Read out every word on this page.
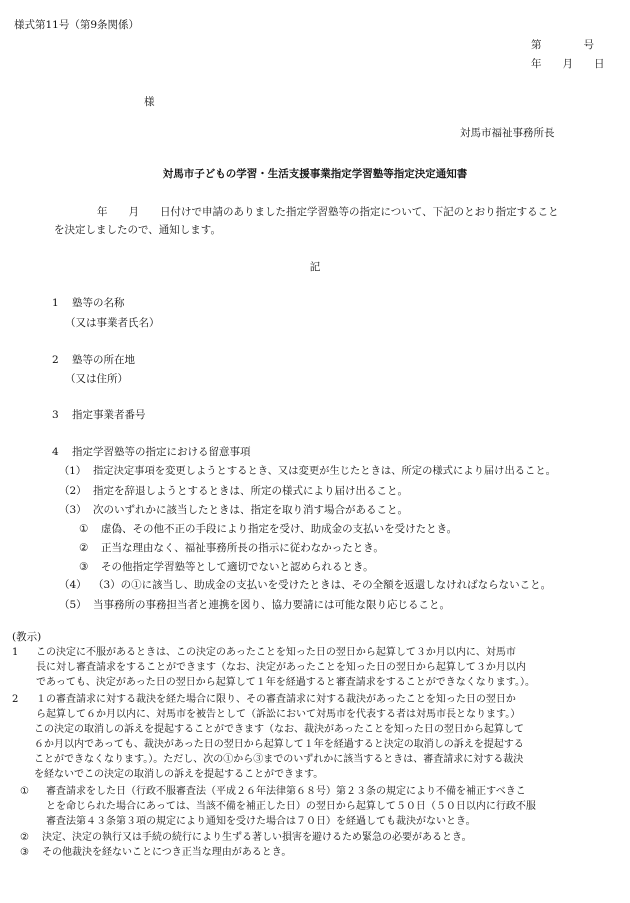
様式第11号（第9条関係）
第　　　　号
年　　月　　日
様
対馬市福祉事務所長
対馬市子どもの学習・生活支援事業指定学習塾等指定決定通知書
年　　月　　日付けで申請のありました指定学習塾等の指定について、下記のとおり指定すること
を決定しましたので、通知します。
記
1 塾等の名称
（又は事業者氏名）
2 塾等の所在地
（又は住所）
3 指定事業者番号
4 指定学習塾等の指定における留意事項
（1） 指定決定事項を変更しようとするとき、又は変更が生じたときは、所定の様式により届け出ること。
（2） 指定を辞退しようとするときは、所定の様式により届け出ること。
（3） 次のいずれかに該当したときは、指定を取り消す場合があること。
① 虚偽、その他不正の手段により指定を受け、助成金の支払いを受けたとき。
② 正当な理由なく、福祉事務所長の指示に従わなかったとき。
③ その他指定学習塾等として適切でないと認められるとき。
（4） （3）の①に該当し、助成金の支払いを受けたときは、その全額を返還しなければならないこと。
（5） 当事務所の事務担当者と連携を図り、協力要請には可能な限り応じること。
(教示)
1	この決定に不服があるときは、この決定のあったことを知った日の翌日から起算して３か月以内に、対馬市
長に対し審査請求をすることができます（なお、決定があったことを知った日の翌日から起算して３か月以内
であっても、決定があった日の翌日から起算して１年を経過すると審査請求をすることができなくなります。）。
2	１の審査請求に対する裁決を経た場合に限り、その審査請求に対する裁決があったことを知った日の翌日か
ら起算して６か月以内に、対馬市を被告として（訴訟において対馬市を代表する者は対馬市長となります。）
この決定の取消しの訴えを提起することができます（なお、裁決があったことを知った日の翌日から起算して
６か月以内であっても、裁決があった日の翌日から起算して１年を経過すると決定の取消しの訴えを提起する
ことができなくなります。）。ただし、次の①から③までのいずれかに該当するときは、審査請求に対する裁決
を経ないでこの決定の取消しの訴えを提起することができます。
①	審査請求をした日（行政不服審査法（平成２６年法律第６８号）第２３条の規定により不備を補正すべきこ
とを命じられた場合にあっては、当該不備を補正した日）の翌日から起算して５０日（５０日以内に行政不服
審査法第４３条第３項の規定により通知を受けた場合は７０日）を経過しても裁決がないとき。
②	決定、決定の執行又は手続の続行により生ずる著しい損害を避けるため緊急の必要があるとき。
③	その他裁決を経ないことにつき正当な理由があるとき。
